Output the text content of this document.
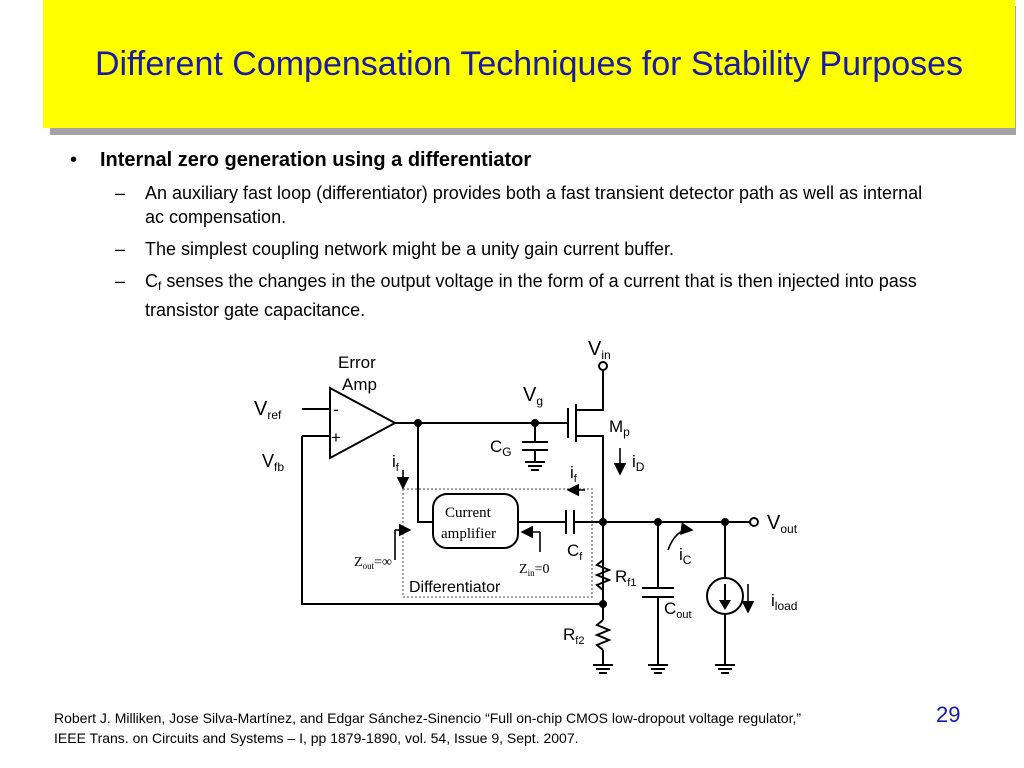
Different Compensation Techniques for Stability Purposes
• Internal zero generation using a differentiator
– An auxiliary fast loop (differentiator) provides both a fast transient detector path as well as internal ac compensation.
– The simplest coupling network might be a unity gain current buffer.
– $C_f$ senses the changes in the output voltage in the form of a current that is then injected into pass transistor gate capacitance.
Error
Amp
-
+
$V_{ref}$
$V_{fb}$
$V_{in}$
$V_g$
$M_p$
$C_G$
$i_f$	$i_f$
$i_D$
Current
amplifier
$C_f$
$Z_{out}=\infty$	$Z_{in}=0$
Differentiator
$V_{out}$
$i_C$
$R_{f1}$
$C_{out}$
$i_{load}$
$R_{f2}$
Robert J. Milliken, Jose Silva-Martínez, and Edgar Sánchez-Sinencio “Full on-chip CMOS low-dropout voltage regulator,”
IEEE Trans. on Circuits and Systems – I, pp 1879-1890, vol. 54, Issue 9, Sept. 2007.
29
